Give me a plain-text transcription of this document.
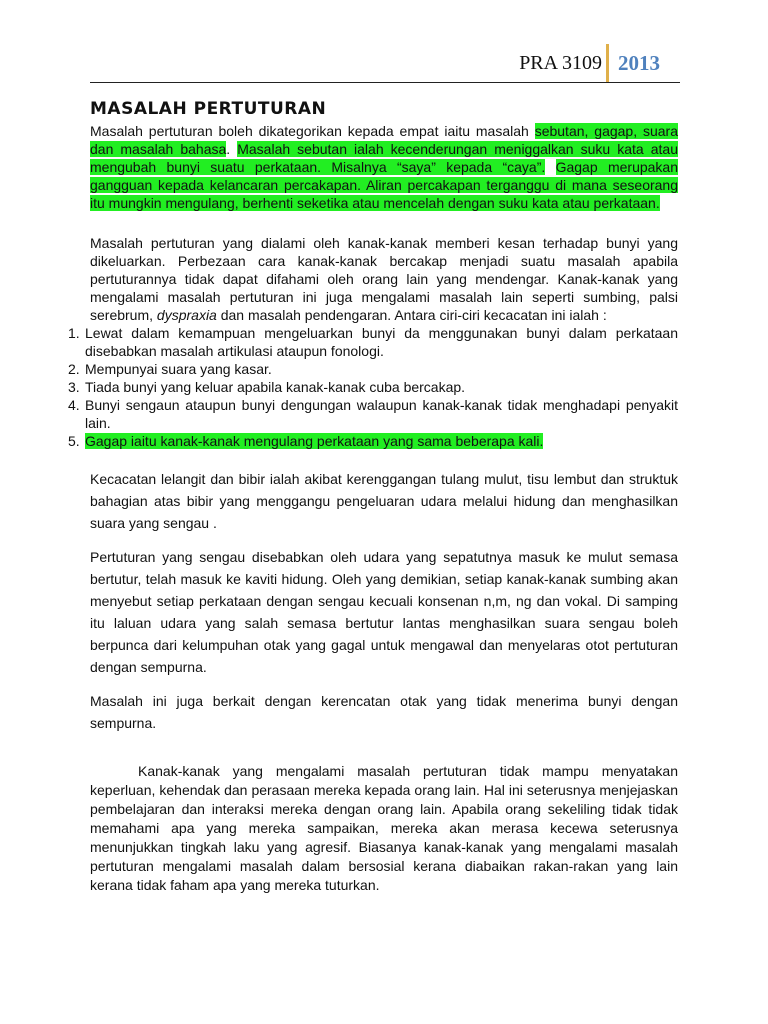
PRA 3109 2013
MASALAH PERTUTURAN

Masalah pertuturan boleh dikategorikan kepada empat iaitu masalah sebutan, gagap, suara dan masalah bahasa. Masalah sebutan ialah kecenderungan meniggalkan suku kata atau mengubah bunyi suatu perkataan. Misalnya “saya” kepada “caya”. Gagap merupakan gangguan kepada kelancaran percakapan. Aliran percakapan terganggu di mana seseorang itu mungkin mengulang, berhenti seketika atau mencelah dengan suku kata atau perkataan.

Masalah pertuturan yang dialami oleh kanak-kanak memberi kesan terhadap bunyi yang dikeluarkan. Perbezaan cara kanak-kanak bercakap menjadi suatu masalah apabila pertuturannya tidak dapat difahami oleh orang lain yang mendengar. Kanak-kanak yang mengalami masalah pertuturan ini juga mengalami masalah lain seperti sumbing, palsi serebrum, dyspraxia dan masalah pendengaran. Antara ciri-ciri kecacatan ini ialah :

1. Lewat dalam kemampuan mengeluarkan bunyi da menggunakan bunyi dalam perkataan disebabkan masalah artikulasi ataupun fonologi.
2. Mempunyai suara yang kasar.
3. Tiada bunyi yang keluar apabila kanak-kanak cuba bercakap.
4. Bunyi sengaun ataupun bunyi dengungan walaupun kanak-kanak tidak menghadapi penyakit lain.
5. Gagap iaitu kanak-kanak mengulang perkataan yang sama beberapa kali.

Kecacatan lelangit dan bibir ialah akibat kerenggangan tulang mulut, tisu lembut dan struktuk bahagian atas bibir yang menggangu pengeluaran udara melalui hidung dan menghasilkan suara yang sengau .

Pertuturan yang sengau disebabkan oleh udara yang sepatutnya masuk ke mulut semasa bertutur, telah masuk ke kaviti hidung. Oleh yang demikian, setiap kanak-kanak sumbing akan menyebut setiap perkataan dengan sengau kecuali konsenan n,m, ng dan vokal. Di samping itu laluan udara yang salah semasa bertutur lantas menghasilkan suara sengau boleh berpunca dari kelumpuhan otak yang gagal untuk mengawal dan menyelaras otot pertuturan dengan sempurna.

Masalah ini juga berkait dengan kerencatan otak yang tidak menerima bunyi dengan sempurna.

Kanak-kanak yang mengalami masalah pertuturan tidak mampu menyatakan keperluan, kehendak dan perasaan mereka kepada orang lain. Hal ini seterusnya menjejaskan pembelajaran dan interaksi mereka dengan orang lain. Apabila orang sekeliling tidak tidak memahami apa yang mereka sampaikan, mereka akan merasa kecewa seterusnya menunjukkan tingkah laku yang agresif. Biasanya kanak-kanak yang mengalami masalah pertuturan mengalami masalah dalam bersosial kerana diabaikan rakan-rakan yang lain kerana tidak faham apa yang mereka tuturkan.
